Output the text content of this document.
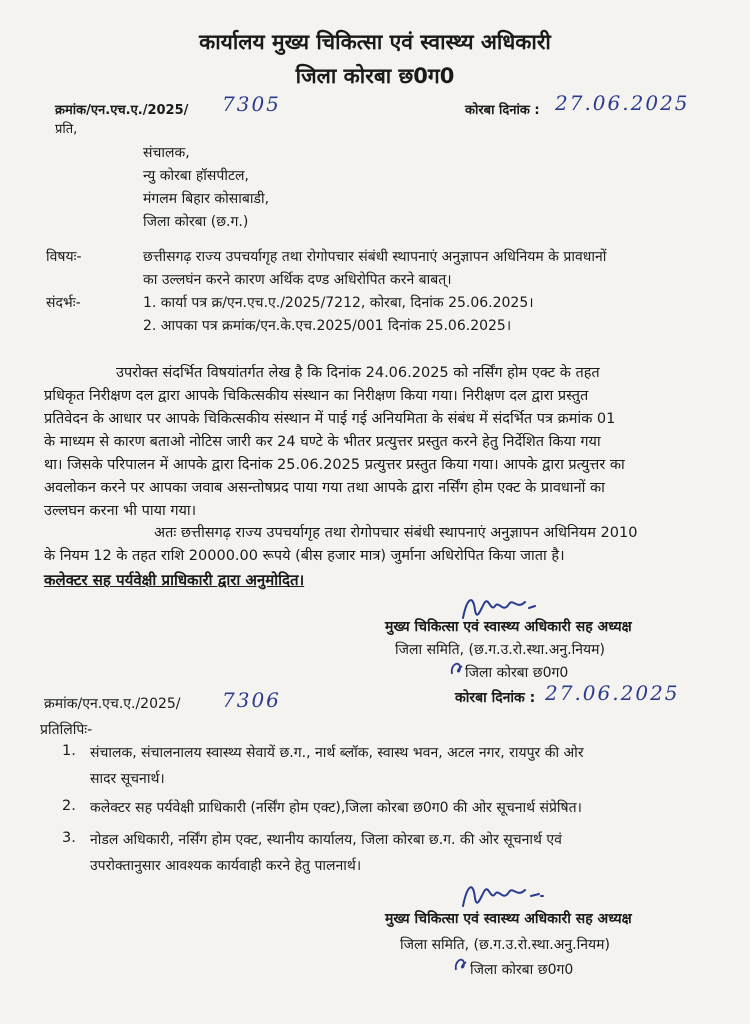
कार्यालय मुख्य चिकित्सा एवं स्वास्थ्य अधिकारी
जिला कोरबा छ0ग0
क्रमांक/एन.एच.ए./2025/ 7305	कोरबा दिनांक : 27.06.2025
प्रति,
संचालक,
न्यु कोरबा हॉसपीटल,
मंगलम बिहार कोसाबाडी,
जिला कोरबा (छ.ग.)
विषयः-	छत्तीसगढ़ राज्य उपचर्यागृह तथा रोगोपचार संबंधी स्थापनाएं अनुज्ञापन अधिनियम के प्रावधानों
का उल्लघंन करने कारण अर्थिक दण्ड अधिरोपित करने बाबत्।
संदर्भः-	1. कार्या पत्र क्र/एन.एच.ए./2025/7212, कोरबा, दिनांक 25.06.2025।
2. आपका पत्र क्रमांक/एन.के.एच.2025/001 दिनांक 25.06.2025।
उपरोक्त संदर्भित विषयांतर्गत लेख है कि दिनांक 24.06.2025 को नर्सिंग होम एक्ट के तहत
प्रधिकृत निरीक्षण दल द्वारा आपके चिकित्सकीय संस्थान का निरीक्षण किया गया। निरीक्षण दल द्वारा प्रस्तुत
प्रतिवेदन के आधार पर आपके चिकित्सकीय संस्थान में पाई गई अनियमिता के संबंध में संदर्भित पत्र क्रमांक 01
के माध्यम से कारण बताओ नोटिस जारी कर 24 घण्टे के भीतर प्रत्युत्तर प्रस्तुत करने हेतु निर्देशित किया गया
था। जिसके परिपालन में आपके द्वारा दिनांक 25.06.2025 प्रत्युत्तर प्रस्तुत किया गया। आपके द्वारा प्रत्युत्तर का
अवलोकन करने पर आपका जवाब असन्तोषप्रद पाया गया तथा आपके द्वारा नर्सिंग होम एक्ट के प्रावधानों का
उल्लघन करना भी पाया गया।
अतः छत्तीसगढ़ राज्य उपचर्यागृह तथा रोगोपचार संबंधी स्थापनाएं अनुज्ञापन अधिनियम 2010
के नियम 12 के तहत राशि 20000.00 रूपये (बीस हजार मात्र) जुर्माना अधिरोपित किया जाता है।
कलेक्टर सह पर्यवेक्षी प्राधिकारी द्वारा अनुमोदित।
मुख्य चिकित्सा एवं स्वास्थ्य अधिकारी सह अध्यक्ष
जिला समिति, (छ.ग.उ.रो.स्था.अनु.नियम)
जिला कोरबा छ0ग0
क्रमांक/एन.एच.ए./2025/ 7306	कोरबा दिनांक : 27.06.2025
प्रतिलिपिः-
1. संचालक, संचालनालय स्वास्थ्य सेवायें छ.ग., नार्थ ब्लॉक, स्वास्थ भवन, अटल नगर, रायपुर की ओर
सादर सूचनार्थ।
2. कलेक्टर सह पर्यवेक्षी प्राधिकारी (नर्सिंग होम एक्ट),जिला कोरबा छ0ग0 की ओर सूचनार्थ संप्रेषित।
3. नोडल अधिकारी, नर्सिंग होम एक्ट, स्थानीय कार्यालय, जिला कोरबा छ.ग. की ओर सूचनार्थ एवं
उपरोक्तानुसार आवश्यक कार्यवाही करने हेतु पालनार्थ।
मुख्य चिकित्सा एवं स्वास्थ्य अधिकारी सह अध्यक्ष
जिला समिति, (छ.ग.उ.रो.स्था.अनु.नियम)
जिला कोरबा छ0ग0
